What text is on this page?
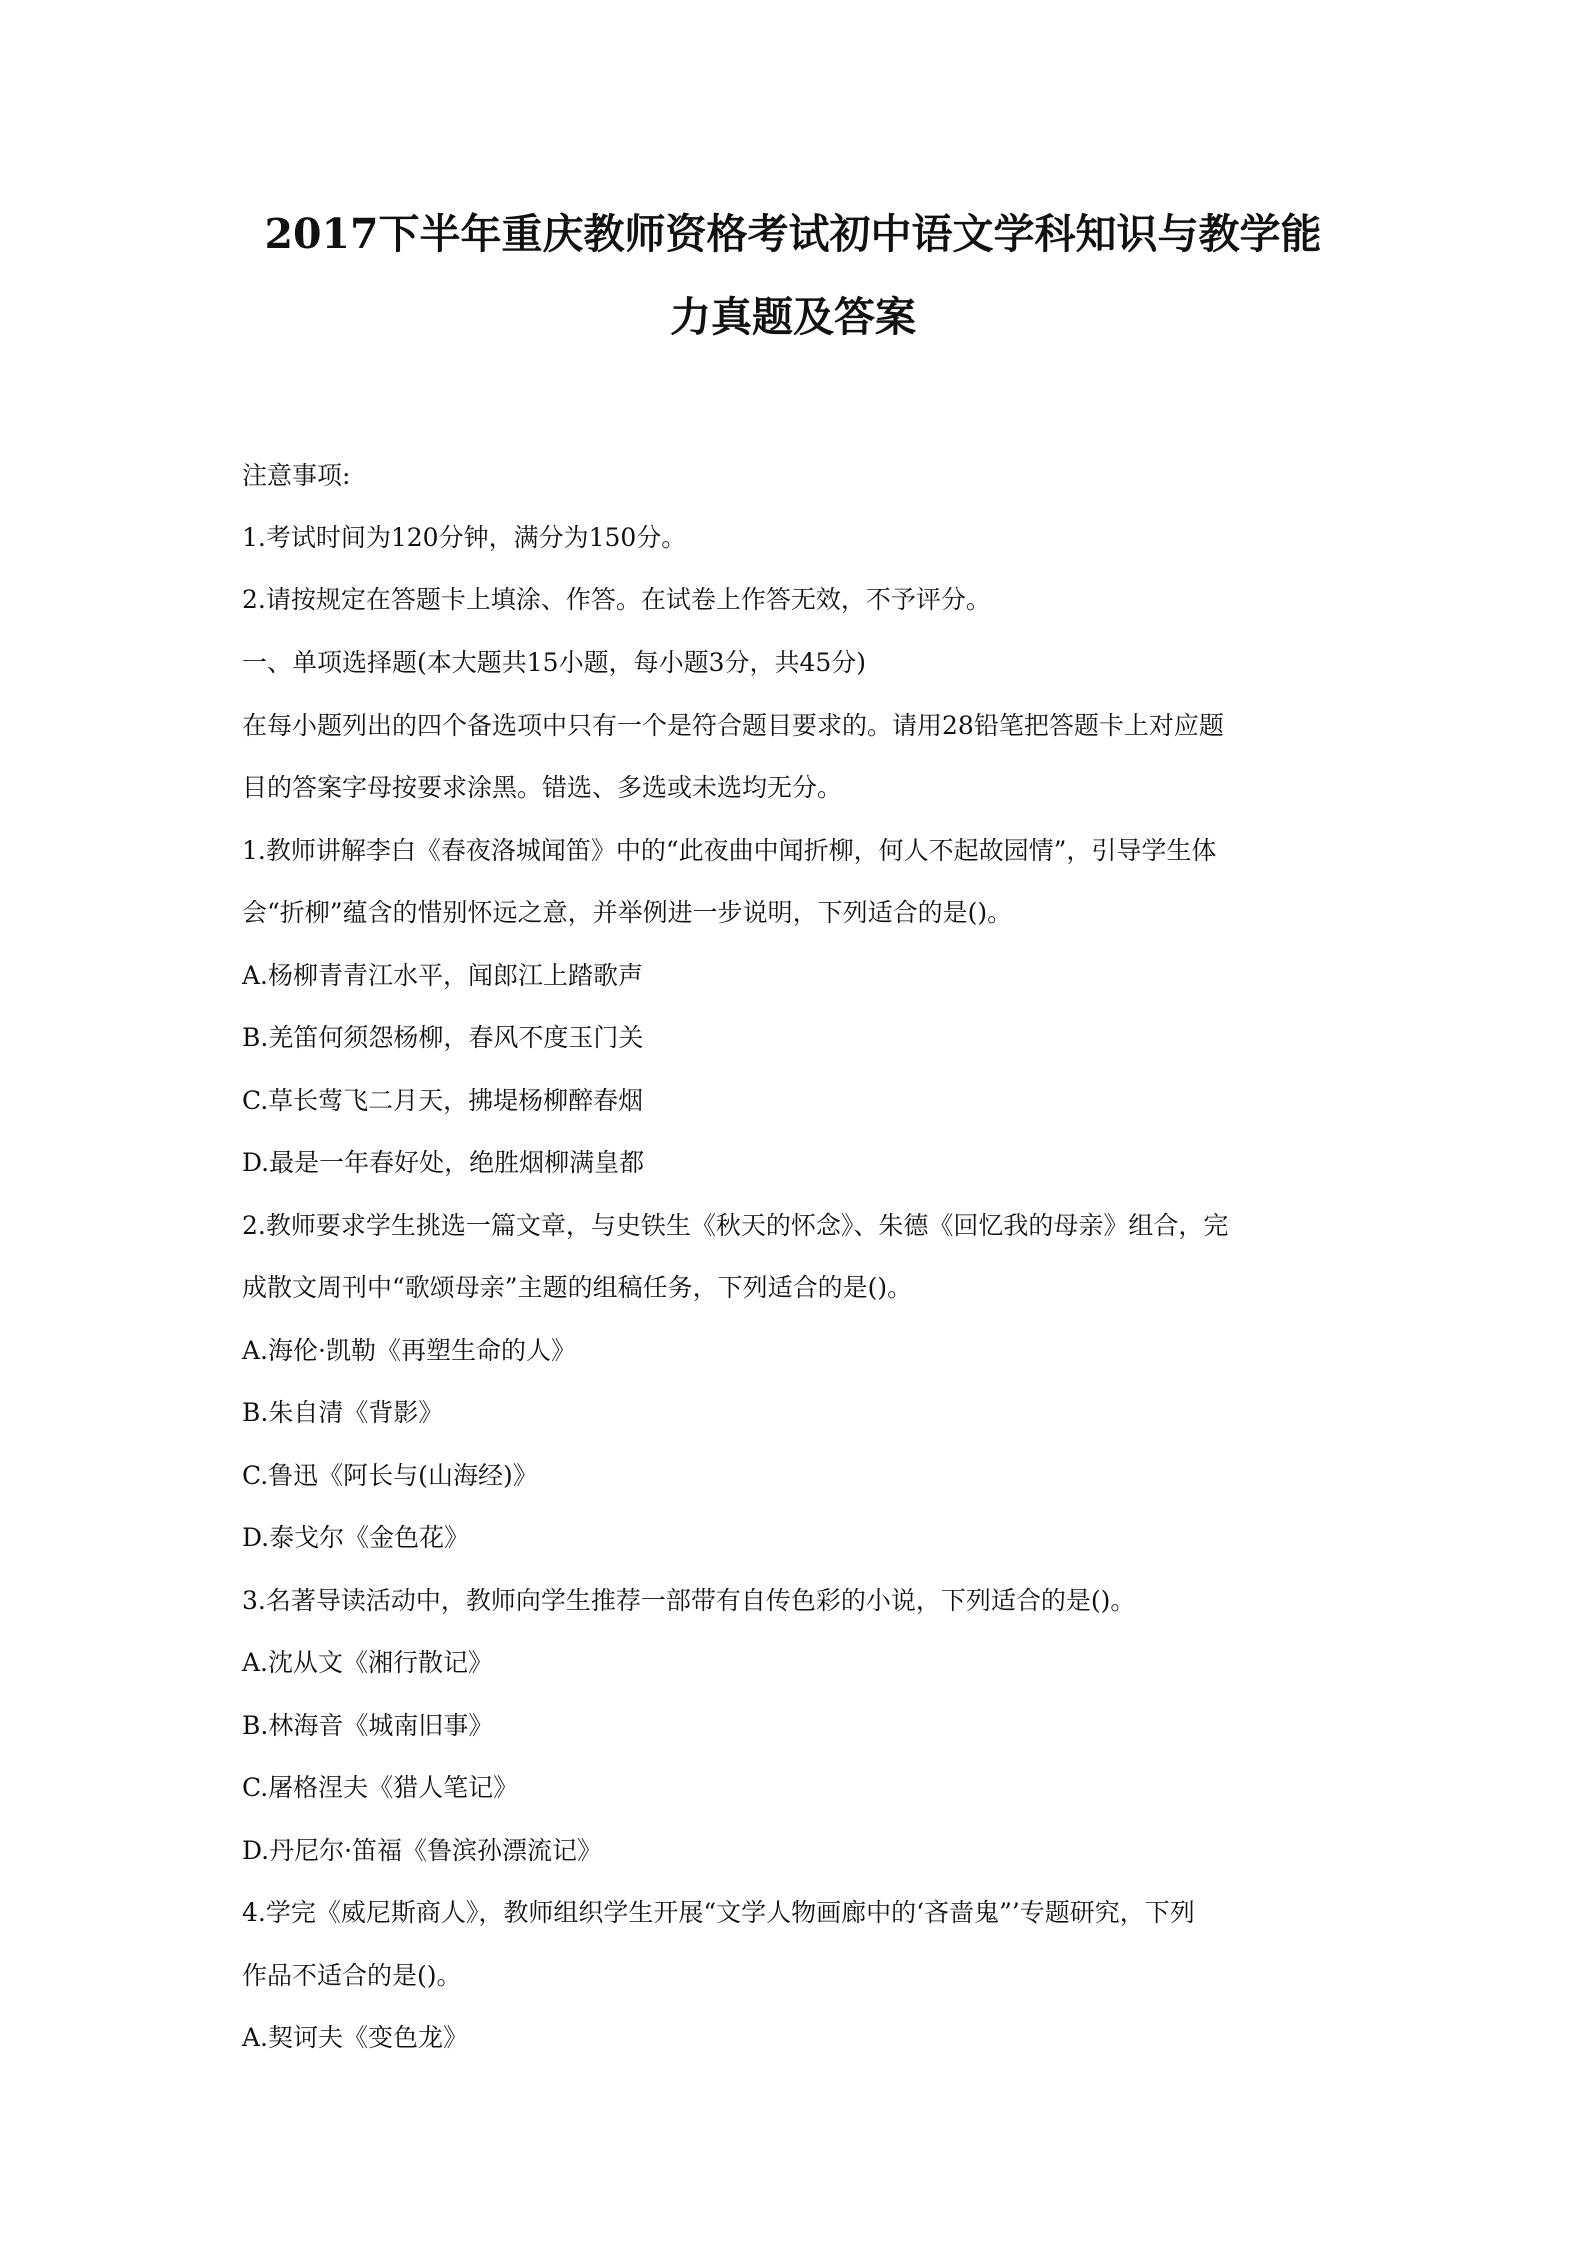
2017下半年重庆教师资格考试初中语文学科知识与教学能
力真题及答案

注意事项:

1.考试时间为120分钟，满分为150分。

2.请按规定在答题卡上填涂、作答。在试卷上作答无效，不予评分。

一、单项选择题(本大题共15小题，每小题3分，共45分)

在每小题列出的四个备选项中只有一个是符合题目要求的。请用28铅笔把答题卡上对应题

目的答案字母按要求涂黑。错选、多选或未选均无分。

1.教师讲解李白《春夜洛城闻笛》中的“此夜曲中闻折柳，何人不起故园情”，引导学生体

会“折柳”蕴含的惜别怀远之意，并举例进一步说明，下列适合的是()。

A.杨柳青青江水平，闻郎江上踏歌声

B.羌笛何须怨杨柳，春风不度玉门关

C.草长莺飞二月天，拂堤杨柳醉春烟

D.最是一年春好处，绝胜烟柳满皇都

2.教师要求学生挑选一篇文章，与史铁生《秋天的怀念》、朱德《回忆我的母亲》组合，完

成散文周刊中“歌颂母亲”主题的组稿任务，下列适合的是()。

A.海伦·凯勒《再塑生命的人》

B.朱自清《背影》

C.鲁迅《阿长与(山海经)》

D.泰戈尔《金色花》

3.名著导读活动中，教师向学生推荐一部带有自传色彩的小说，下列适合的是()。

A.沈从文《湘行散记》

B.林海音《城南旧事》

C.屠格涅夫《猎人笔记》

D.丹尼尔·笛福《鲁滨孙漂流记》

4.学完《威尼斯商人》，教师组织学生开展“文学人物画廊中的‘吝啬鬼”’专题研究，下列

作品不适合的是()。

A.契诃夫《变色龙》
